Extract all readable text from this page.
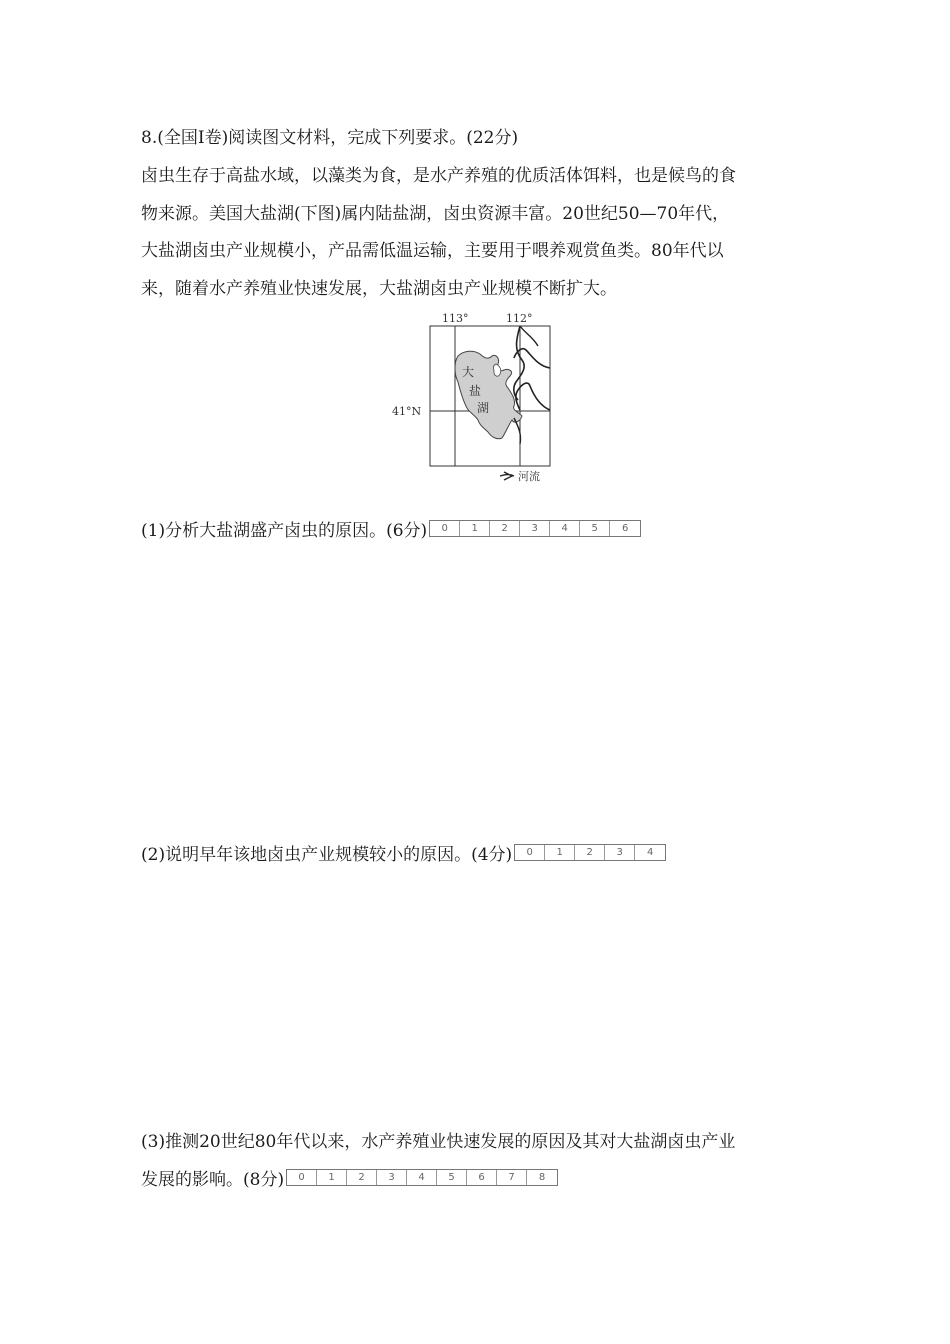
8.(全国Ⅰ卷)阅读图文材料，完成下列要求。(22分)
卤虫生存于高盐水域，以藻类为食，是水产养殖的优质活体饵料，也是候鸟的食
物来源。美国大盐湖(下图)属内陆盐湖，卤虫资源丰富。20世纪50—70年代，
大盐湖卤虫产业规模小，产品需低温运输，主要用于喂养观赏鱼类。80年代以
来，随着水产养殖业快速发展，大盐湖卤虫产业规模不断扩大。
113°	112°
41°N
大
盐
湖
河流
(1)分析大盐湖盛产卤虫的原因。(6分)	0	1	2	3	4	5	6
(2)说明早年该地卤虫产业规模较小的原因。(4分)	0	1	2	3	4
(3)推测20世纪80年代以来，水产养殖业快速发展的原因及其对大盐湖卤虫产业
发展的影响。(8分)	0	1	2	3	4	5	6	7	8
